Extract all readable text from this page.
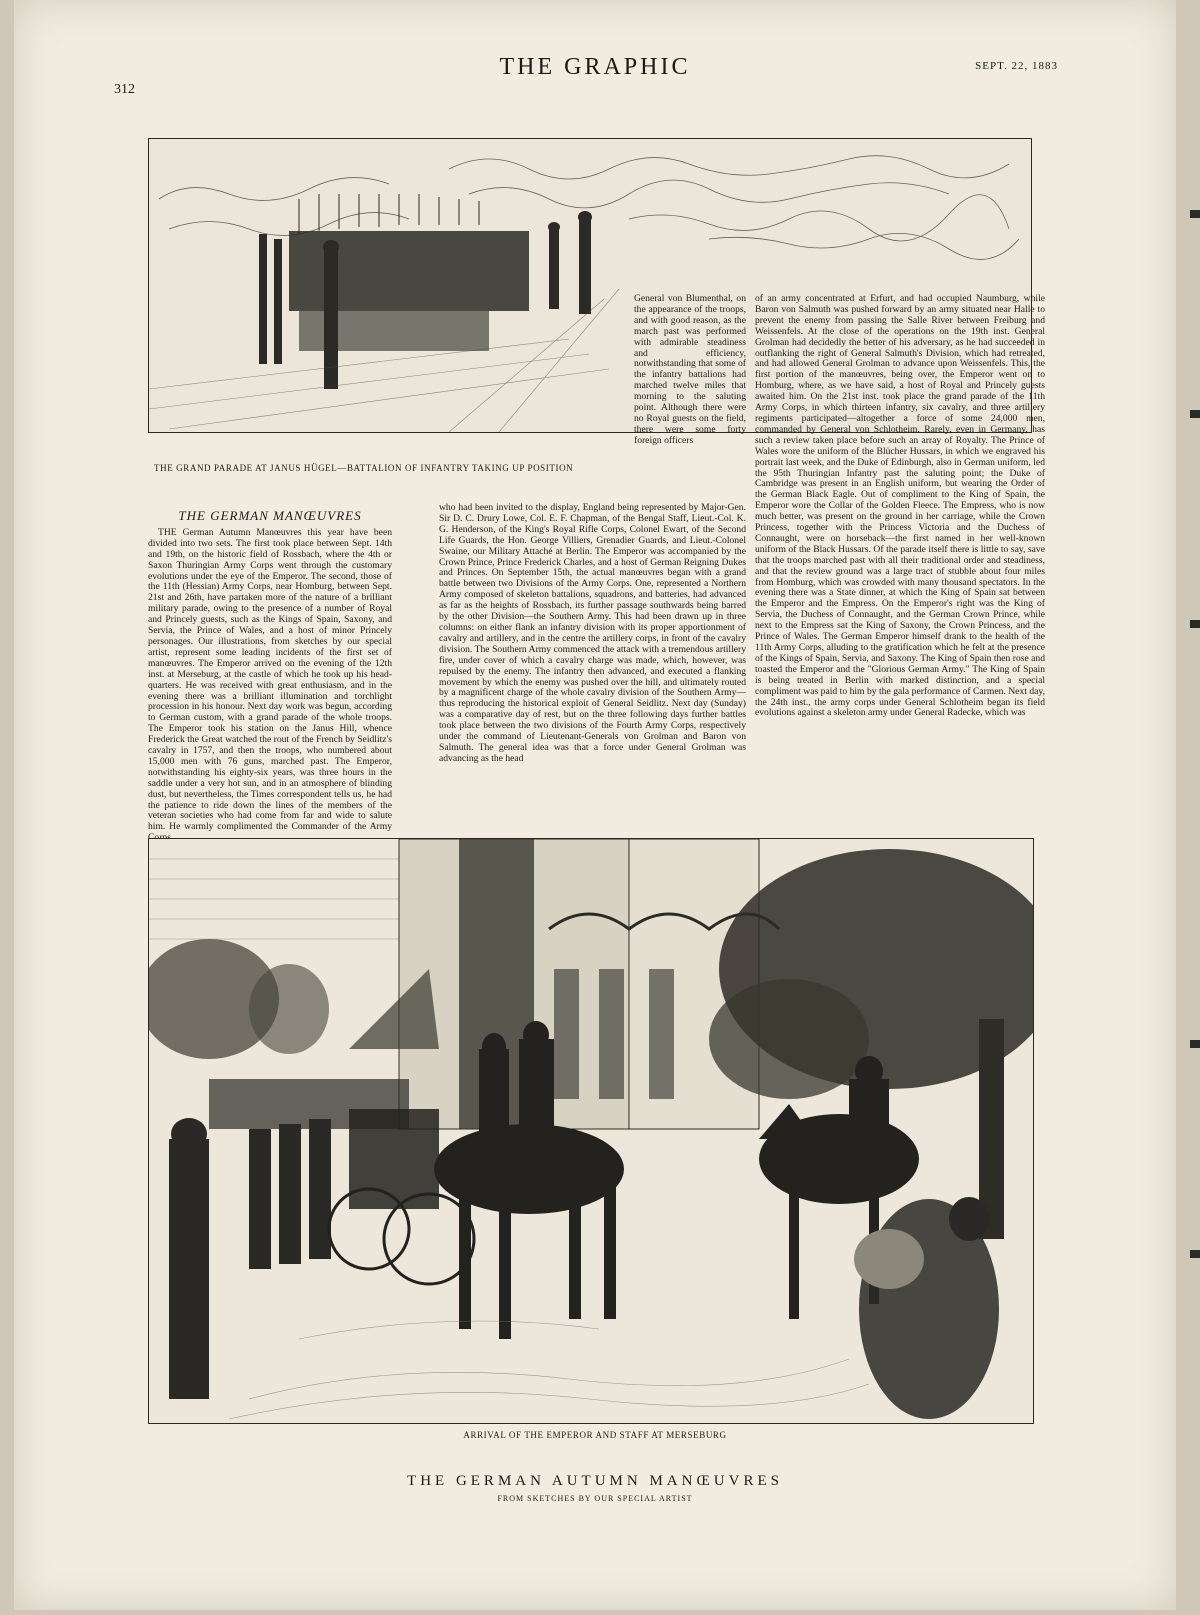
312
THE GRAPHIC	SEPT. 22, 1883
THE GRAND PARADE AT JANUS HÜGEL—BATTALION OF INFANTRY TAKING UP POSITION
THE GERMAN MANŒUVRES

THE German Autumn Manœuvres this year have been divided into two sets. The first took place between Sept. 14th and 19th, on the historic field of Rossbach, where the 4th or Saxon Thuringian Army Corps went through the customary evolutions under the eye of the Emperor. The second, those of the 11th (Hessian) Army Corps, near Homburg, between Sept. 21st and 26th, have partaken more of the nature of a brilliant military parade, owing to the presence of a number of Royal and Princely guests, such as the Kings of Spain, Saxony, and Servia, the Prince of Wales, and a host of minor Princely personages. Our illustrations, from sketches by our special artist, represent some leading incidents of the first set of manœuvres. The Emperor arrived on the evening of the 12th inst. at Merseburg, at the castle of which he took up his head-quarters. He was received with great enthusiasm, and in the evening there was a brilliant illumination and torchlight procession in his honour. Next day work was begun, according to German custom, with a grand parade of the whole troops. The Emperor took his station on the Janus Hill, whence Frederick the Great watched the rout of the French by Seidlitz's cavalry in 1757, and then the troops, who numbered about 15,000 men with 76 guns, marched past. The Emperor, notwithstanding his eighty-six years, was three hours in the saddle under a very hot sun, and in an atmosphere of blinding dust, but nevertheless, the Times correspondent tells us, he had the patience to ride down the lines of the members of the veteran societies who had come from far and wide to salute him. He warmly complimented the Commander of the Army

General von Blumenthal, on the appearance of the troops, and with good reason, as the march past was performed with admirable steadiness and efficiency, notwithstanding that some of the infantry battalions had marched twelve miles that morning to the saluting point. Although there were no Royal guests on the field, there were some forty foreign officers

who had been invited to the display, England being represented by Major-Gen. Sir D. C. Drury Lowe, Col. E. F. Chapman, of the Bengal Staff, Lieut.-Col. K. G. Henderson, of the King's Royal Rifle Corps, Colonel Ewart, of the Second Life Guards, the Hon. George Villiers, Grenadier Guards, and Lieut.-Colonel Swaine, our Military Attaché at Berlin. The Emperor was accompanied by the Crown Prince, Prince Frederick Charles, and a host of German Reigning Dukes and Princes. On September 15th, the actual manœuvres began with a grand battle between two Divisions of the Army Corps. One, represented a Northern Army composed of skeleton battalions, squadrons, and batteries, had advanced as far as the heights of Rossbach, its further passage southwards being barred by the other Division—the Southern Army. This had been drawn up in three columns: on either flank an infantry division with its proper apportionment of cavalry and artillery, and in the centre the artillery corps, in front of the cavalry division. The Southern Army commenced the attack with a tremendous artillery fire, under cover of which a cavalry charge was made, which, however, was repulsed by the enemy. The infantry then advanced, and executed a flanking movement by which the enemy was pushed over the hill, and ultimately routed by a magnificent charge of the whole cavalry division of the Southern Army—thus reproducing the historical exploit of General Seidlitz. Next day (Sunday) was a comparative day of rest, but on the three following days further battles took place between the two divisions of the Fourth Army Corps, respectively under the command of Lieutenant-Generals von Grolman and Baron von Salmuth. The general idea was that a force under General Grolman was advancing as the head

of an army concentrated at Erfurt, and had occupied Naumburg, while Baron von Salmuth was pushed forward by an army situated near Halle to prevent the enemy from passing the Salle River between Freiburg and Weissenfels. At the close of the operations on the 19th inst. General Grolman had decidedly the better of his adversary, as he had succeeded in outflanking the right of General Salmuth's Division, which had retreated, and had allowed General Grolman to advance upon Weissenfels. This, the first portion of the manœuvres, being over, the Emperor went on to Homburg, where, as we have said, a host of Royal and Princely guests awaited him. On the 21st inst. took place the grand parade of the 11th Army Corps, in which thirteen infantry, six cavalry, and three artillery regiments participated—altogether a force of some 24,000 men, commanded by General von Schlotheim. Rarely, even in Germany, has such a review taken place before such an array of Royalty. The Prince of Wales wore the uniform of the Blücher Hussars, in which we engraved his portrait last week, and the Duke of Edinburgh, also in German uniform, led the 95th Thuringian Infantry past the saluting point; the Duke of Cambridge was present in an English uniform, but wearing the Order of the German Black Eagle. Out of compliment to the King of Spain, the Emperor wore the Collar of the Golden Fleece. The Empress, who is now much better, was present on the ground in her carriage, while the Crown Princess, together with the Princess Victoria and the Duchess of Connaught, were on horseback—the first named in her well-known uniform of the Black Hussars. Of the parade itself there is little to say, save that the troops marched past with all their traditional order and steadiness, and that the review ground was a large tract of stubble about four miles from Homburg, which was crowded with many thousand spectators. In the evening there was a State dinner, at which the King of Spain sat between the Emperor and the Empress. On the Emperor's right was the King of Servia, the Duchess of Connaught, and the German Crown Prince, while next to the Empress sat the King of Saxony, the Crown Princess, and the Prince of Wales. The German Emperor himself drank to the health of the 11th Army Corps, alluding to the gratification which he felt at the presence of the Kings of Spain, Servia, and Saxony. The King of Spain then rose and toasted the Emperor and the "Glorious German Army." The King of Spain is being treated in Berlin with marked distinction, and a special compliment was paid to him by the gala performance of Carmen. Next day, the 24th inst., the army corps under General Schlotheim began its field evolutions against a skeleton army under General Radecke, which was

ARRIVAL OF THE EMPEROR AND STAFF AT MERSEBURG
THE GERMAN AUTUMN MANŒUVRES
FROM SKETCHES BY OUR SPECIAL ARTIST
